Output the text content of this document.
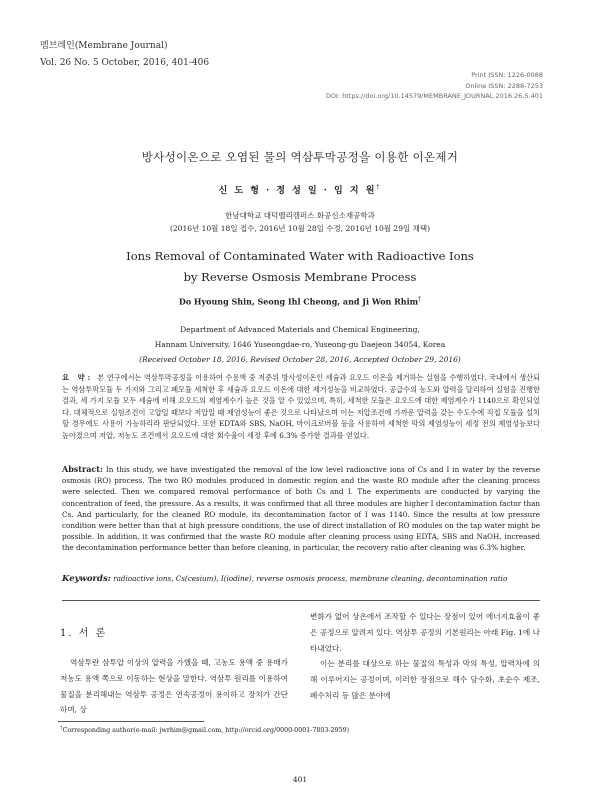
멤브레인(Membrane Journal)
Vol. 26 No. 5 October, 2016, 401-406
Print ISSN: 1226-0088
Online ISSN: 2288-7253
DOI: https://doi.org/10.14579/MEMBRANE_JOURNAL.2016.26.5.401
방사성이온으로 오염된 물의 역삼투막공정을 이용한 이온제거
신 도 형 · 정 성 일 · 임 지 원†
한남대학교 대덕밸리캠퍼스 화공신소재공학과
(2016년 10월 18일 접수, 2016년 10월 28일 수정, 2016년 10월 29일 채택)
Ions Removal of Contaminated Water with Radioactive Ions
by Reverse Osmosis Membrane Process
Do Hyoung Shin, Seong Ihl Cheong, and Ji Won Rhim†
Department of Advanced Materials and Chemical Engineering,
Hannam University, 1646 Yuseongdae-ro, Yuseong-gu Daejeon 34054, Korea
(Received October 18, 2016, Revised October 28, 2016, Accepted October 29, 2016)
요 약: 본 연구에서는 역삼투막공정을 이용하여 수용액 중 저준위 방사성이온인 세슘과 요오드 이온을 제거하는 실험을 수행하였다. 국내에서 생산되는 역삼투막모듈 두 가지와 그리고 폐모듈 세척한 후 세슘과 요오드 이온에 대한 제거성능을 비교하였다. 공급수의 농도와 압력을 달리하여 실험을 진행한 결과, 세 가지 모듈 모두 세슘에 비해 요오드의 제염계수가 높은 것을 알 수 있었으며, 특히, 세척한 모듈은 요오드에 대한 제염계수가 1140으로 확인되었다. 대체적으로 실험조건이 고압일 때보다 저압일 때 제염성능이 좋은 것으로 나타났으며 이는 저압조건에 가까운 압력을 갖는 수도수에 직접 모듈을 설치할 경우에도 사용이 가능하리라 판단되었다. 또한 EDTA와 SBS, NaOH, 마이크로버블 등을 사용하여 세척한 막의 제염성능이 세정 전의 제염성능보다 높아졌으며 저압, 저농도 조건에서 요오드에 대한 회수율이 세정 후에 6.3% 증가한 결과를 얻었다.
Abstract: In this study, we have investigated the removal of the low level radioactive ions of Cs and I in water by the reverse osmosis (RO) process. The two RO modules produced in domestic region and the waste RO module after the cleaning process were selected. Then we compared removal performance of both Cs and I. The experiments are conducted by varying the concentration of feed, the pressure. As a results, it was confirmed that all three modules are higher I decontamination factor than Cs. And particularly, for the cleaned RO module, its decontamination factor of I was 1140. Since the results at low pressure condition were better than that at high pressure conditions, the use of direct installation of RO modules on the tap water might be possible. In addition, it was confirmed that the waste RO module after cleaning process using EDTA, SBS and NaOH, increased the decontamination performance better than before cleaning, in particular, the recovery ratio after cleaning was 6.3% higher.
Keywords: radioactive ions, Cs(cesium), I(iodine), reverse osmosis process, membrane cleaning, decontamination ratio
1. 서 론
역삼투란 삼투압 이상의 압력을 가했을 때, 고농도 용액 중 용매가 저농도 용액 쪽으로 이동하는 현상을 말한다. 역삼투 원리를 이용하여 물질을 분리해내는 역삼투 공정은 연속공정이 용이하고 장치가 간단하며, 상
변화가 없어 상온에서 조작할 수 있다는 장점이 있어 에너지효율이 좋은 공정으로 알려져 있다. 역삼투 공정의 기본원리는 아래 Fig. 1에 나타내었다.
이는 분리를 대상으로 하는 물질의 특성과 막의 특성, 압력차에 의해 이루어지는 공정이며, 이러한 장점으로 해수 담수화, 초순수 제조, 폐수처리 등 많은 분야에
†Corresponding author(e-mail: jwrhim@gmail.com, http://orcid.org/0000-0001-7803-2959)
401
